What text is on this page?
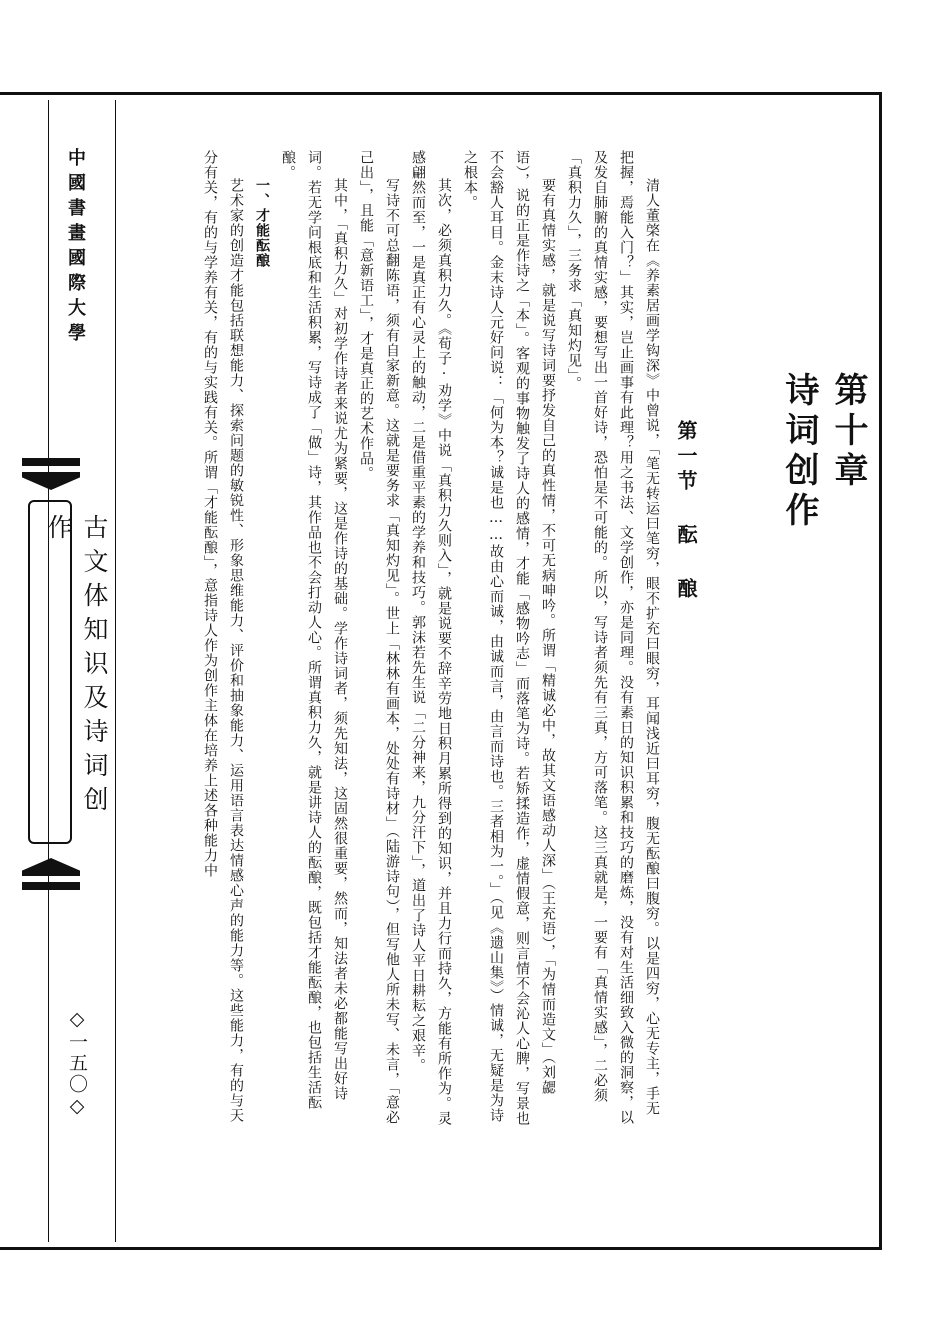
中國書畫國際大學
古文体知识及诗词创作
◇一五〇◇
第十章
诗词创作
第一节 酝 酿

清人董棨在《养素居画学钩深》中曾说，「笔无转运曰笔穷，眼不扩充曰眼穷，耳闻浅近曰耳穷，腹无酝酿曰腹穷。以是四穷，心无专主，手无把握，焉能入门？」其实，岂止画事有此理？用之书法、文学创作，亦是同理。没有素日的知识积累和技巧的磨炼，没有对生活细致入微的洞察，以及发自肺腑的真情实感，要想写出一首好诗，恐怕是不可能的。所以，写诗者须先有三真，方可落笔。这三真就是，一要有「真情实感」，二必须「真积力久」，三务求「真知灼见」。

要有真情实感，就是说写诗词要抒发自己的真性情，不可无病呻吟。所谓「精诚必中，故其文语感动人深」（王充语），「为情而造文」（刘勰语），说的正是作诗之「本」。客观的事物触发了诗人的感情，才能「感物吟志」而落笔为诗。若矫揉造作，虚情假意，则言情不会沁人心脾，写景也不会豁人耳目。金末诗人元好问说：「何为本？诚是也……故由心而诚，由诚而言，由言而诗也。三者相为一。」（见《遗山集》）情诚，无疑是为诗之根本。

其次，必须真积力久。《荀子·劝学》中说「真积力久则入」，就是说要不辞辛劳地日积月累所得到的知识，并且力行而持久，方能有所作为。灵感翩然而至，一是真正有心灵上的触动，二是借重平素的学养和技巧。郭沫若先生说「二分神来，九分汗下」，道出了诗人平日耕耘之艰辛。

写诗不可总翻陈语，须有自家新意。这就是要务求「真知灼见」。世上「林林有画本，处处有诗材」（陆游诗句），但写他人所未写、未言，「意必己出」，且能「意新语工」，才是真正的艺术作品。

其中，「真积力久」对初学作诗者来说尤为紧要，这是作诗的基础。学作诗词者，须先知法，这固然很重要，然而，知法者未必都能写出好诗词。若无学问根底和生活积累，写诗成了「做」诗，其作品也不会打动人心。所谓真积力久，就是讲诗人的酝酿，既包括才能酝酿，也包括生活酝酿。

一、才能酝酿

艺术家的创造才能包括联想能力、探索问题的敏锐性、形象思维能力、评价和抽象能力、运用语言表达情感心声的能力等。这些能力，有的与天分有关，有的与学养有关，有的与实践有关。所谓「才能酝酿」，意指诗人作为创作主体在培养上述各种能力中
